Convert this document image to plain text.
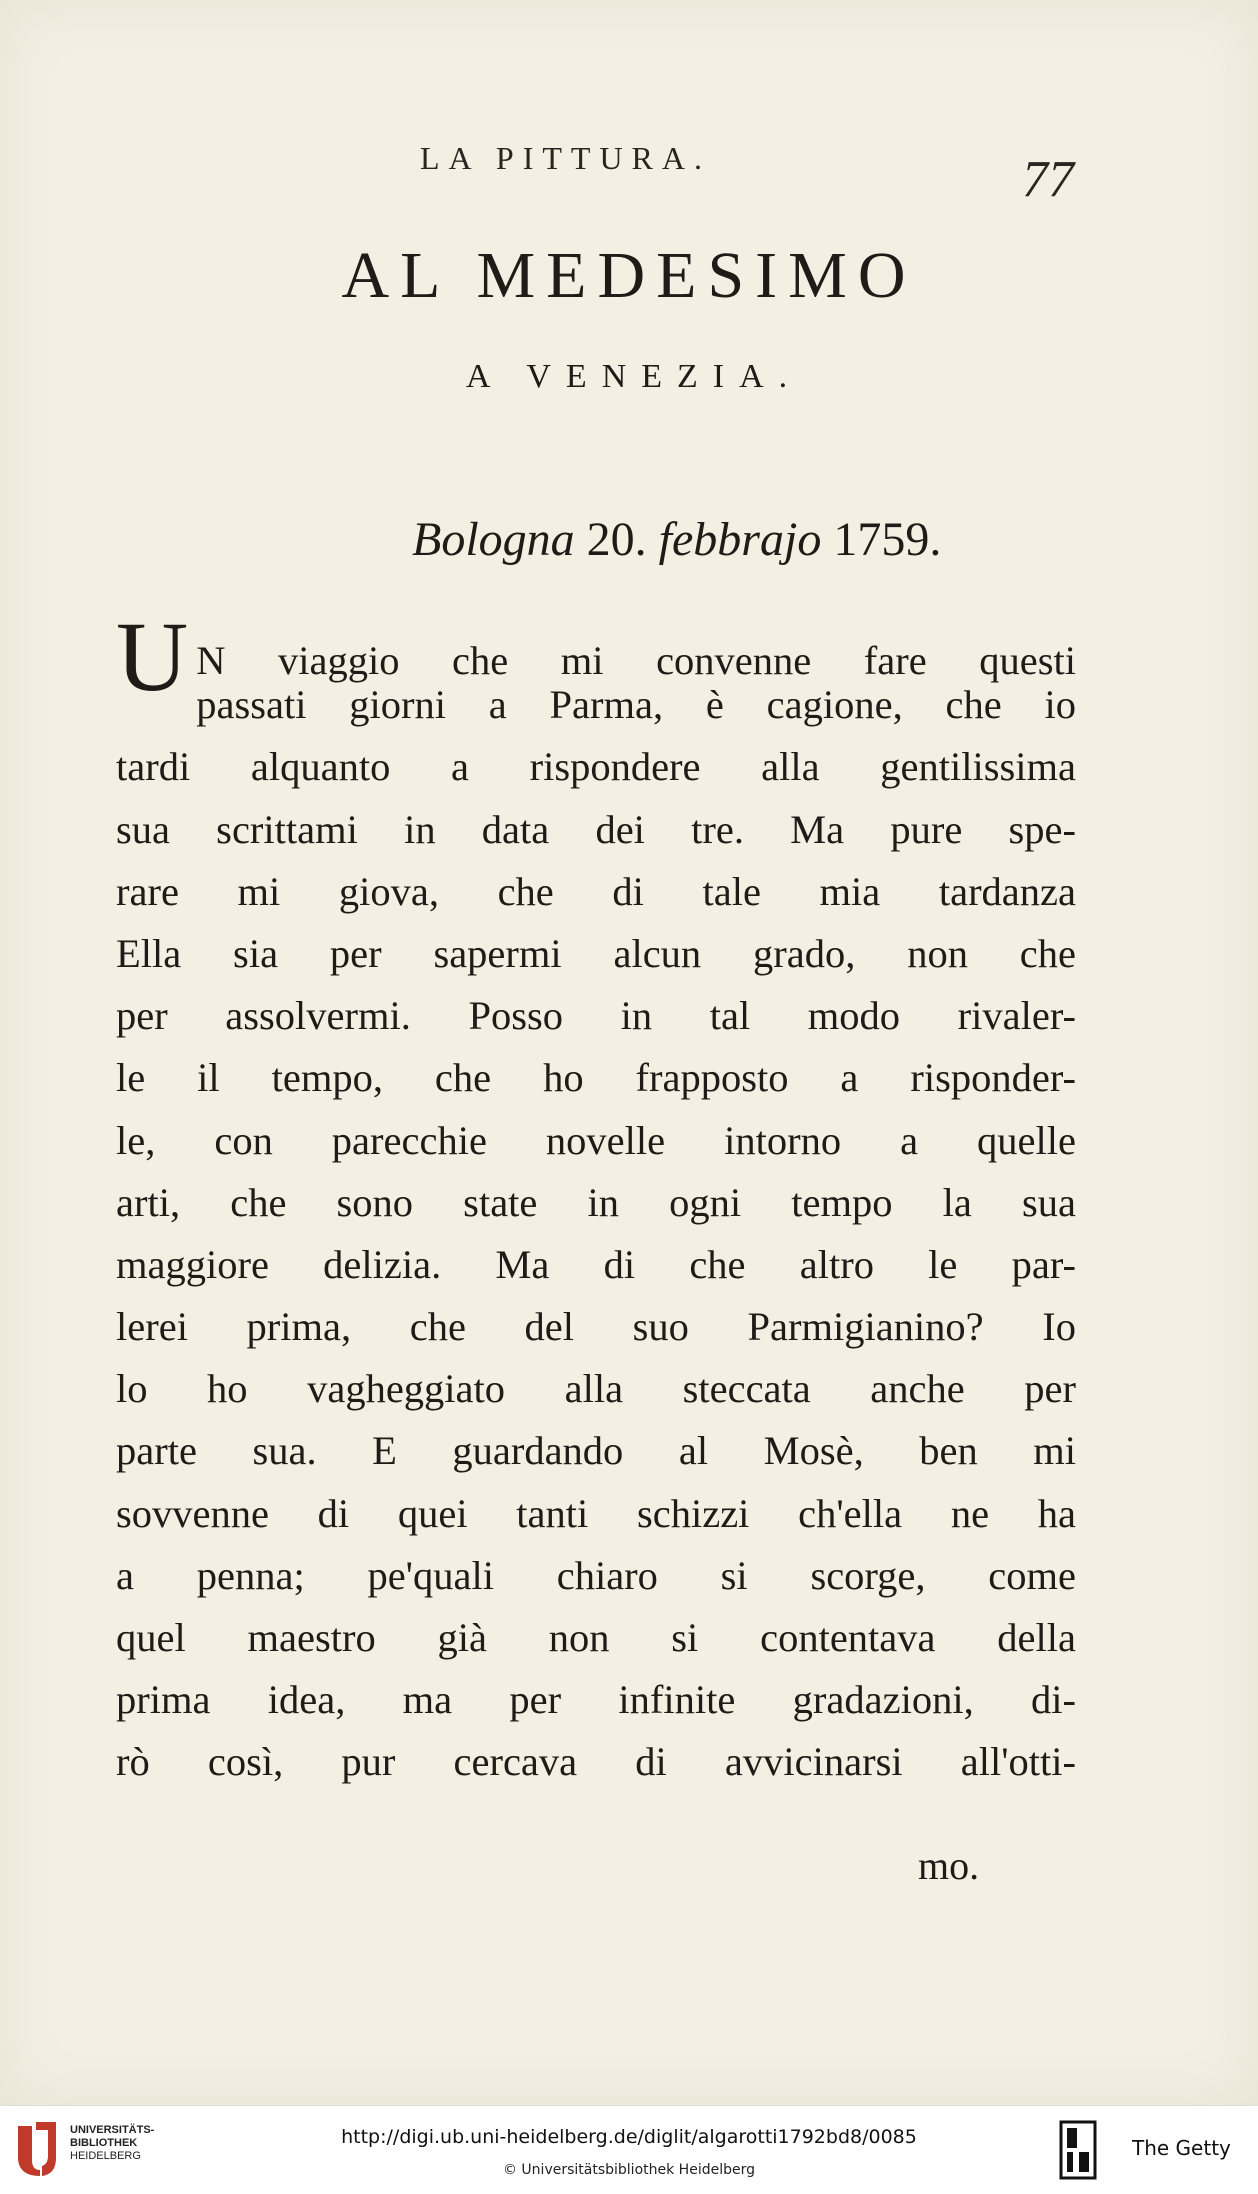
LA PITTURA.	77
AL MEDESIMO
A VENEZIA.
Bologna 20. febbrajo 1759.
U N viaggio che mi convenne fare questi
passati giorni a Parma, è cagione, che io
tardi alquanto a rispondere alla gentilissima
sua scrittami in data dei tre. Ma pure spe-
rare mi giova, che di tale mia tardanza
Ella sia per sapermi alcun grado, non che
per assolvermi. Posso in tal modo rivaler-
le il tempo, che ho frapposto a risponder-
le, con parecchie novelle intorno a quelle
arti, che sono state in ogni tempo la sua
maggiore delizia. Ma di che altro le par-
lerei prima, che del suo Parmigianino? Io
lo ho vagheggiato alla steccata anche per
parte sua. E guardando al Mosè, ben mi
sovvenne di quei tanti schizzi ch'ella ne ha
a penna; pe'quali chiaro si scorge, come
quel maestro già non si contentava della
prima idea, ma per infinite gradazioni, di-
rò così, pur cercava di avvicinarsi all'otti-
mo.
UNIVERSITÄTS-
BIBLIOTHEK
HEIDELBERG
http://digi.ub.uni-heidelberg.de/diglit/algarotti1792bd8/0085
© Universitätsbibliothek Heidelberg
The Getty
